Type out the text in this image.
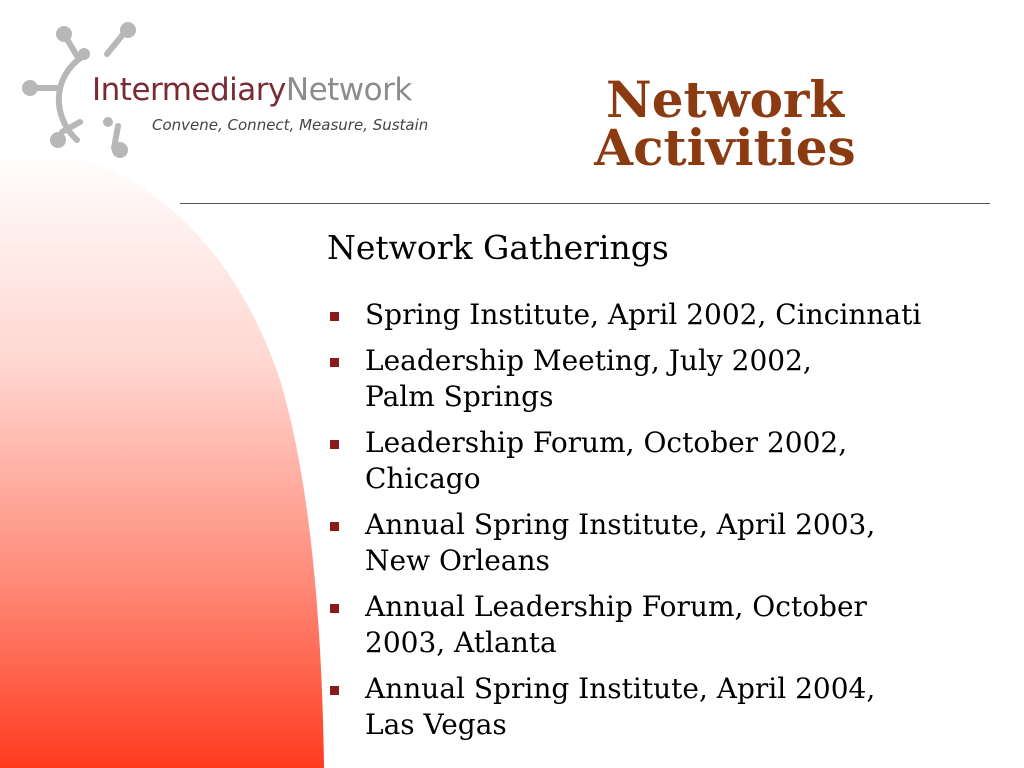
IntermediaryNetwork
Convene, Connect, Measure, Sustain	Network
Activities
Network Gatherings
Spring Institute, April 2002, Cincinnati
Leadership Meeting, July 2002,
Palm Springs
Leadership Forum, October 2002,
Chicago
Annual Spring Institute, April 2003,
New Orleans
Annual Leadership Forum, October
2003, Atlanta
Annual Spring Institute, April 2004,
Las Vegas
